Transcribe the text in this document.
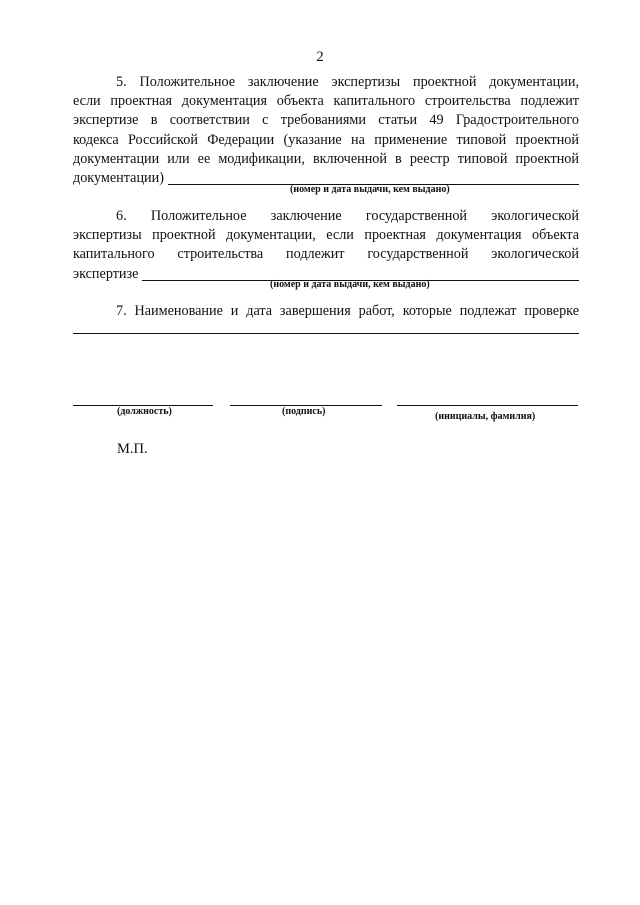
2
5. Положительное заключение экспертизы проектной документации,
если проектная документация объекта капитального строительства подлежит
экспертизе в соответствии с требованиями статьи 49 Градостроительного
кодекса Российской Федерации (указание на применение типовой проектной
документации или ее модификации, включенной в реестр типовой проектной
документации)
(номер и дата выдачи, кем выдано)
6. Положительное заключение государственной экологической
экспертизы проектной документации, если проектная документация объекта
капитального строительства подлежит государственной экологической
экспертизе
(номер и дата выдачи, кем выдано)
7. Наименование и дата завершения работ, которые подлежат проверке
(должность)	(подпись)	(инициалы, фамилия)
М.П.
